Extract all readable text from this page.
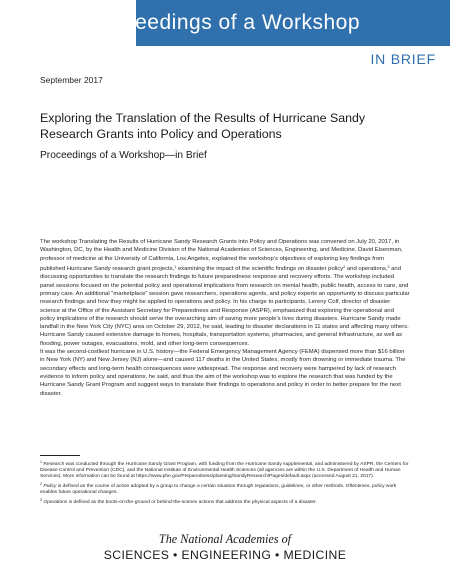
Proceedings of a Workshop
IN BRIEF
September 2017
Exploring the Translation of the Results of Hurricane Sandy Research Grants into Policy and Operations
Proceedings of a Workshop—in Brief

The workshop Translating the Results of Hurricane Sandy Research Grants into Policy and Operations was convened on July 20, 2017, in Washington, DC, by the Health and Medicine Division of the National Academies of Sciences, Engineering, and Medicine. David Eisenman, professor of medicine at the University of California, Los Angeles, explained the workshop’s objectives of exploring key findings from published Hurricane Sandy research grant projects,$^1$ examining the impact of the scientific findings on disaster policy$^2$ and operations,$^3$ and discussing opportunities to translate the research findings to future preparedness response and recovery efforts. The workshop included panel sessions focused on the potential policy and operational implications from research on mental health, public health, access to care, and primary care. An additional “marketplace” session gave researchers, operations agents, and policy experts an opportunity to discuss particular research findings and how they might be applied to operations and policy. In his charge to participants, Lereny Colf, director of disaster science at the Office of the Assistant Secretary for Preparedness and Response (ASPR), emphasized that exploring the operational and policy implications of the research should serve the overarching aim of saving more people’s lives during disasters. Hurricane Sandy made landfall in the New York City (NYC) area on October 29, 2012, he said, leading to disaster declarations in 11 states and affecting many others. Hurricane Sandy caused extensive damage to homes, hospitals, transportation systems, pharmacies, and general infrastructure, as well as flooding, power outages, evacuations, mold, and other long-term consequences.

It was the second-costliest hurricane in U.S. history—the Federal Emergency Management Agency (FEMA) dispensed more than $16 billion in New York (NY) and New Jersey (NJ) alone—and caused 117 deaths in the United States, mostly from drowning or immediate trauma. The secondary effects and long-term health consequences were widespread. The response and recovery were hampered by lack of research evidence to inform policy and operations, he said, and thus the aim of the workshop was to explore the research that was funded by the Hurricane Sandy Grant Program and suggest ways to translate their findings to operations and policy in order to better prepare for the next disaster.

$^1$ Research was conducted through the Hurricane Sandy Grant Program, with funding from the Hurricane Sandy supplemental, and administered by ASPR, the Centers for Disease Control and Prevention (CDC), and the National Institute of Environmental Health Sciences (all agencies are within the U.S. Department of Health and Human Services). More information can be found at https://www.phe.gov/Preparedness/planning/SandyResearch/Pages/default.aspx (accessed August 21, 2017).

$^2$ Policy is defined as the course of action adopted by a group to change a certain situation through regulations, guidelines, or other methods. Oftentimes, policy work enables future operational changes.

$^3$ Operations is defined as the boots-on-the-ground or behind-the-scenes actions that address the physical aspects of a disaster.

The National Academies of
SCIENCES • ENGINEERING • MEDICINE
